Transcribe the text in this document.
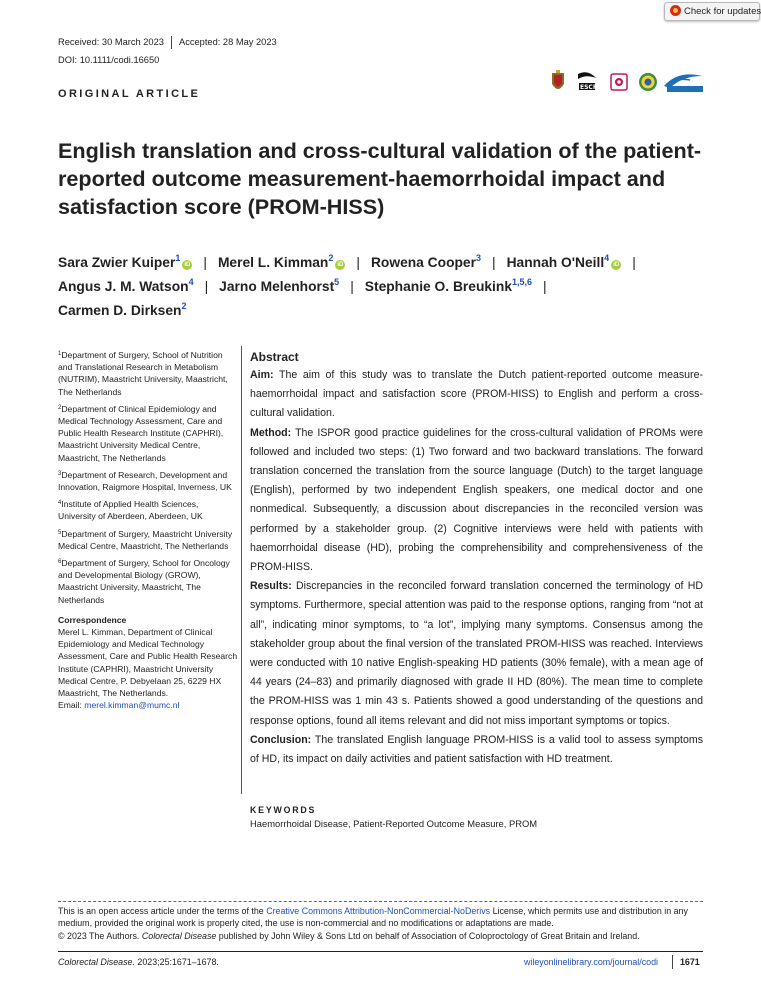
Check for updates
Received: 30 March 2023 Accepted: 28 May 2023
DOI: 10.1111/codi.16650
ORIGINAL ARTICLE
ESCP
English translation and cross-cultural validation of the patient-reported outcome measurement-haemorrhoidal impact and satisfaction score (PROM-HISS)
Sara Zwier Kuiper$^1$iD | Merel L. Kimman$^2$iD | Rowena Cooper$^3$ | Hannah O'Neill$^4$iD |
Angus J. M. Watson$^4$ | Jarno Melenhorst$^5$ | Stephanie O. Breukink$^{1,5,6}$ |
Carmen D. Dirksen$^2$

$^1$Department of Surgery, School of Nutrition and Translational Research in Metabolism (NUTRIM), Maastricht University, Maastricht, The Netherlands

$^2$Department of Clinical Epidemiology and Medical Technology Assessment, Care and Public Health Research Institute (CAPHRI), Maastricht University Medical Centre, Maastricht, The Netherlands

$^3$Department of Research, Development and Innovation, Raigmore Hospital, Inverness, UK

$^4$Institute of Applied Health Sciences, University of Aberdeen, Aberdeen, UK

$^5$Department of Surgery, Maastricht University Medical Centre, Maastricht, The Netherlands

$^6$Department of Surgery, School for Oncology and Developmental Biology (GROW), Maastricht University, Maastricht, The Netherlands

Correspondence

Merel L. Kimman, Department of Clinical Epidemiology and Medical Technology Assessment, Care and Public Health Research Institute (CAPHRI), Maastricht University Medical Centre, P. Debyelaan 25, 6229 HX Maastricht, The Netherlands.
Email: merel.kimman@mumc.nl

Abstract

Aim: The aim of this study was to translate the Dutch patient-reported outcome measure-haemorrhoidal impact and satisfaction score (PROM-HISS) to English and perform a cross-cultural validation.

Method: The ISPOR good practice guidelines for the cross-cultural validation of PROMs were followed and included two steps: (1) Two forward and two backward translations. The forward translation concerned the translation from the source language (Dutch) to the target language (English), performed by two independent English speakers, one medical doctor and one nonmedical. Subsequently, a discussion about discrepancies in the reconciled version was performed by a stakeholder group. (2) Cognitive interviews were held with patients with haemorrhoidal disease (HD), probing the comprehensibility and comprehensiveness of the PROM-HISS.

Results: Discrepancies in the reconciled forward translation concerned the terminology of HD symptoms. Furthermore, special attention was paid to the response options, ranging from “not at all”, indicating minor symptoms, to “a lot”, implying many symptoms. Consensus among the stakeholder group about the final version of the translated PROM-HISS was reached. Interviews were conducted with 10 native English-speaking HD patients (30% female), with a mean age of 44 years (24–83) and primarily diagnosed with grade II HD (80%). The mean time to complete the PROM-HISS was 1 min 43 s. Patients showed a good understanding of the questions and response options, found all items relevant and did not miss important symptoms or topics.

Conclusion: The translated English language PROM-HISS is a valid tool to assess symptoms of HD, its impact on daily activities and patient satisfaction with HD treatment.

KEYWORDS
Haemorrhoidal Disease, Patient-Reported Outcome Measure, PROM

This is an open access article under the terms of the Creative Commons Attribution-NonCommercial-NoDerivs License, which permits use and distribution in any medium, provided the original work is properly cited, the use is non-commercial and no modifications or adaptations are made.

© 2023 The Authors. Colorectal Disease published by John Wiley & Sons Ltd on behalf of Association of Coloproctology of Great Britain and Ireland.

Colorectal Disease. 2023;25:1671–1678.	wileyonlinelibrary.com/journal/codi 1671
